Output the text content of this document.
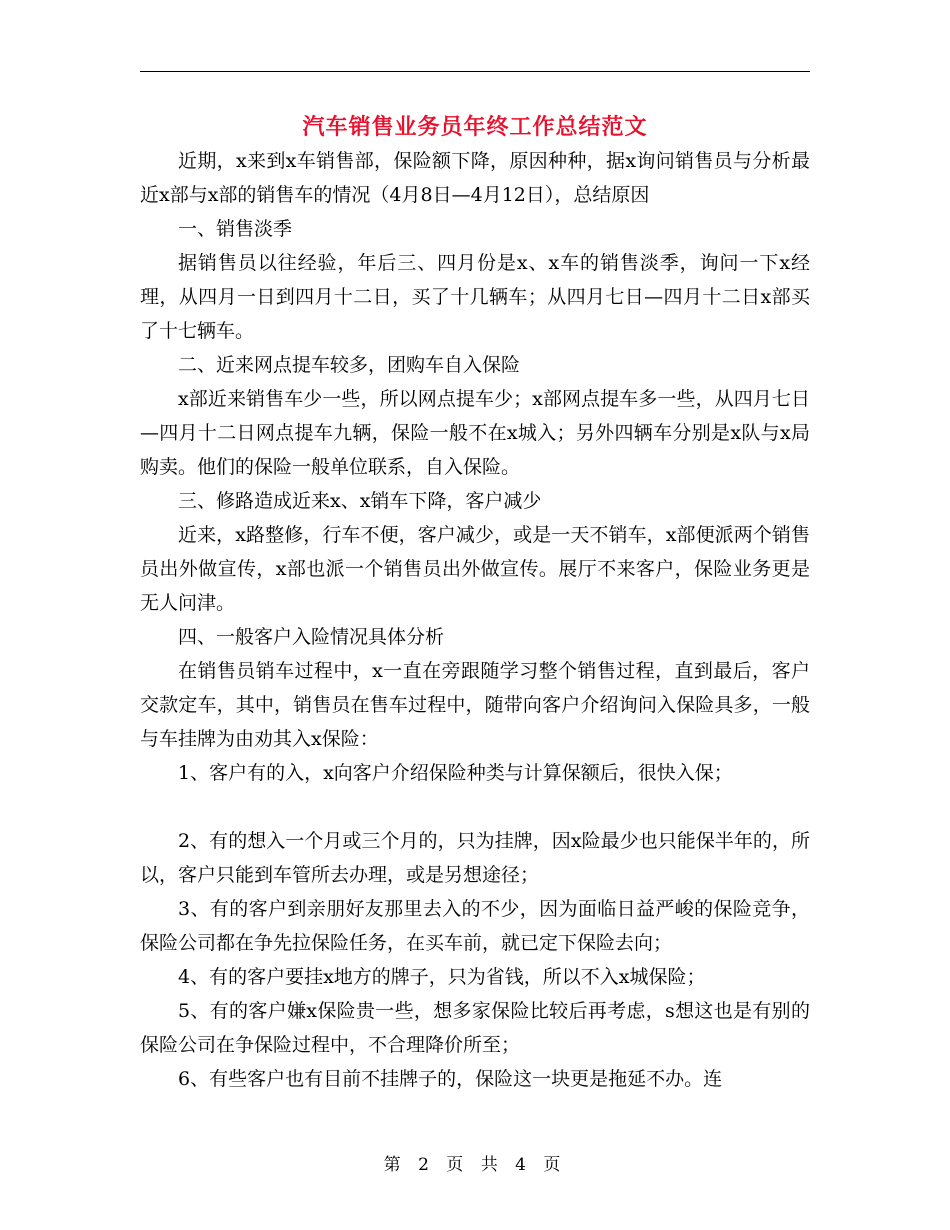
汽车销售业务员年终工作总结范文

近期，x来到x车销售部，保险额下降，原因种种，据x询问销售员与分析最近x部与x部的销售车的情况（4月8日—4月12日），总结原因

一、销售淡季

据销售员以往经验，年后三、四月份是x、x车的销售淡季，询问一下x经理，从四月一日到四月十二日，买了十几辆车；从四月七日—四月十二日x部买了十七辆车。

二、近来网点提车较多，团购车自入保险

x部近来销售车少一些，所以网点提车少；x部网点提车多一些，从四月七日—四月十二日网点提车九辆，保险一般不在x城入；另外四辆车分别是x队与x局购卖。他们的保险一般单位联系，自入保险。

三、修路造成近来x、x销车下降，客户减少

近来，x路整修，行车不便，客户减少，或是一天不销车，x部便派两个销售员出外做宣传，x部也派一个销售员出外做宣传。展厅不来客户，保险业务更是无人问津。

四、一般客户入险情况具体分析

在销售员销车过程中，x一直在旁跟随学习整个销售过程，直到最后，客户交款定车，其中，销售员在售车过程中，随带向客户介绍询问入保险具多，一般与车挂牌为由劝其入x保险：

1、客户有的入，x向客户介绍保险种类与计算保额后，很快入保；

2、有的想入一个月或三个月的，只为挂牌，因x险最少也只能保半年的，所以，客户只能到车管所去办理，或是另想途径；

3、有的客户到亲朋好友那里去入的不少，因为面临日益严峻的保险竞争，保险公司都在争先拉保险任务，在买车前，就已定下保险去向；

4、有的客户要挂x地方的牌子，只为省钱，所以不入x城保险；

5、有的客户嫌x保险贵一些，想多家保险比较后再考虑，s想这也是有别的保险公司在争保险过程中，不合理降价所至；

6、有些客户也有目前不挂牌子的，保险这一块更是拖延不办。连

第 2 页 共 4 页
